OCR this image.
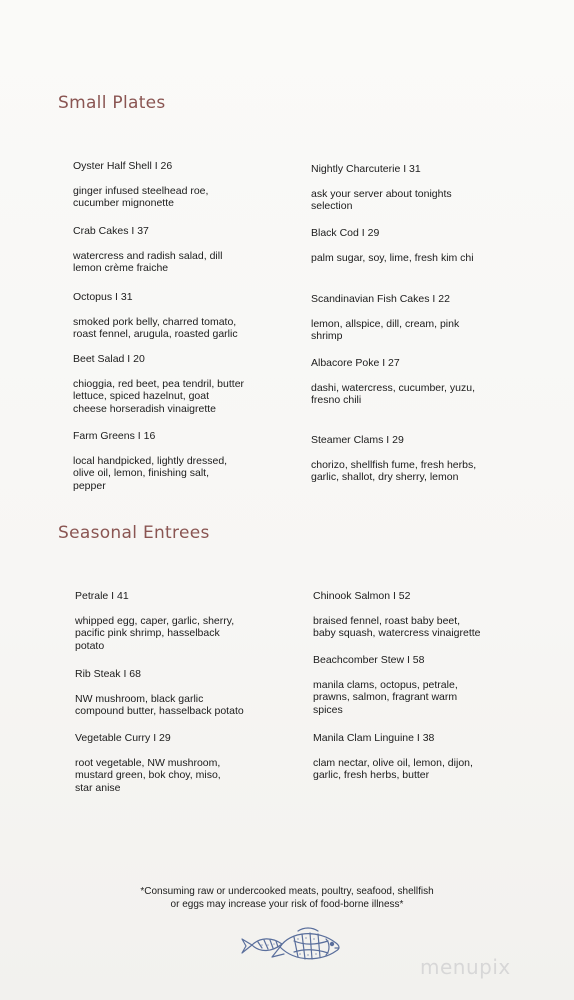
Small Plates

Oyster Half Shell I 26

ginger infused steelhead roe,
cucumber mignonette

Nightly Charcuterie I 31

ask your server about tonights
selection

Crab Cakes I 37

watercress and radish salad, dill
lemon crème fraiche

Black Cod I 29

palm sugar, soy, lime, fresh kim chi

Octopus I 31

smoked pork belly, charred tomato,
roast fennel, arugula, roasted garlic

Scandinavian Fish Cakes I 22

lemon, allspice, dill, cream, pink
shrimp

Beet Salad I 20

chioggia, red beet, pea tendril, butter
lettuce, spiced hazelnut, goat
cheese horseradish vinaigrette

Albacore Poke I 27

dashi, watercress, cucumber, yuzu,
fresno chili

Farm Greens I 16

local handpicked, lightly dressed,
olive oil, lemon, finishing salt,
pepper

Steamer Clams I 29

chorizo, shellfish fume, fresh herbs,
garlic, shallot, dry sherry, lemon

Seasonal Entrees

Petrale I 41

whipped egg, caper, garlic, sherry,
pacific pink shrimp, hasselback
potato

Chinook Salmon I 52

braised fennel, roast baby beet,
baby squash, watercress vinaigrette

Beachcomber Stew I 58

manila clams, octopus, petrale,
prawns, salmon, fragrant warm
spices

Rib Steak I 68

NW mushroom, black garlic
compound butter, hasselback potato

Vegetable Curry I 29

root vegetable, NW mushroom,
mustard green, bok choy, miso,
star anise

Manila Clam Linguine I 38

clam nectar, olive oil, lemon, dijon,
garlic, fresh herbs, butter

*Consuming raw or undercooked meats, poultry, seafood, shellfish
or eggs may increase your risk of food-borne illness*
menupix
